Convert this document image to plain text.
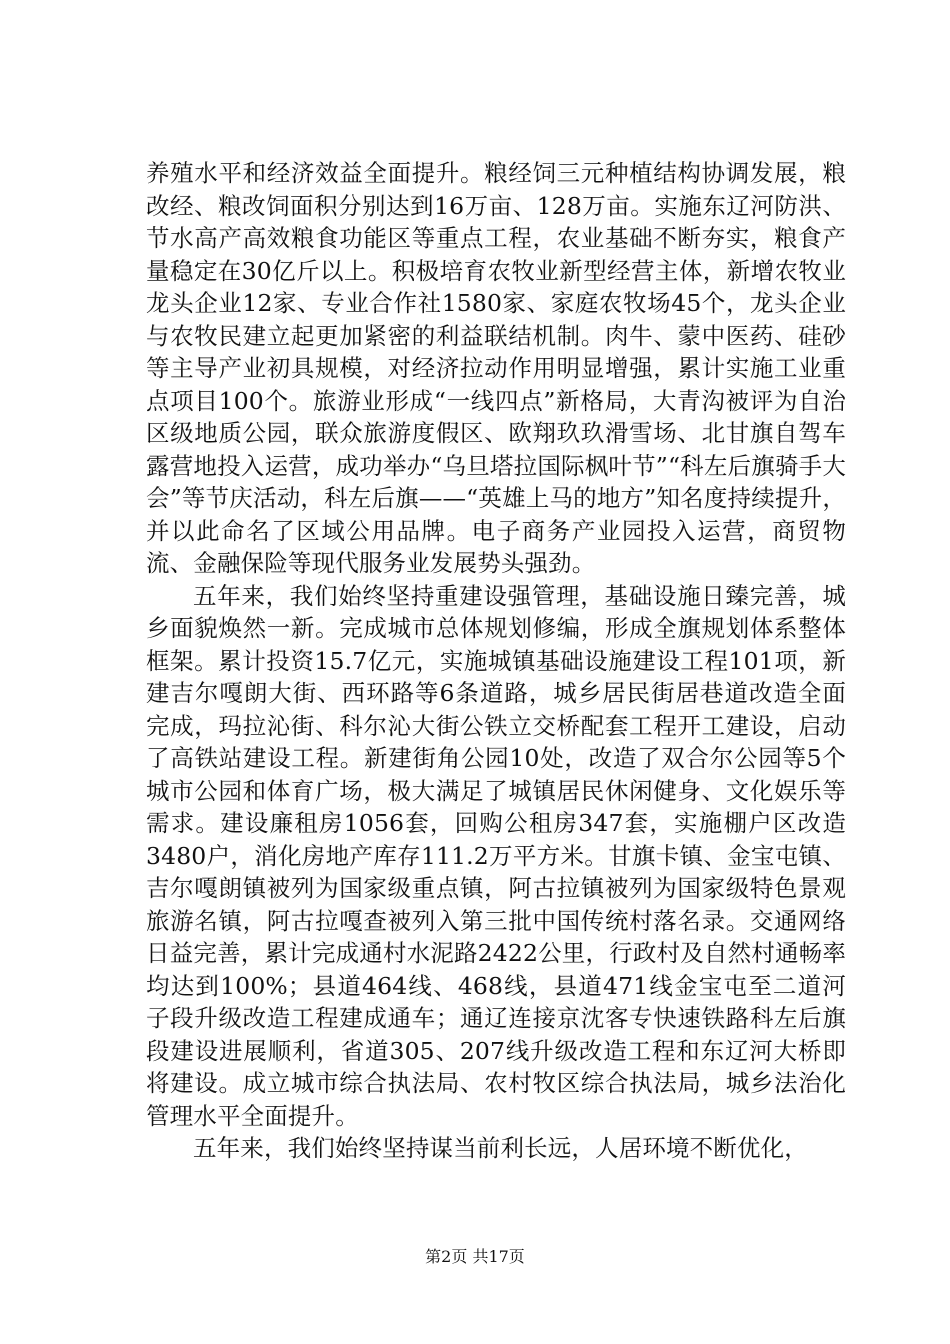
养殖水平和经济效益全面提升。粮经饲三元种植结构协调发展，粮改经、粮改饲面积分别达到16万亩、128万亩。实施东辽河防洪、节水高产高效粮食功能区等重点工程，农业基础不断夯实，粮食产量稳定在30亿斤以上。积极培育农牧业新型经营主体，新增农牧业龙头企业12家、专业合作社1580家、家庭农牧场45个，龙头企业与农牧民建立起更加紧密的利益联结机制。肉牛、蒙中医药、硅砂等主导产业初具规模，对经济拉动作用明显增强，累计实施工业重点项目100个。旅游业形成“一线四点”新格局，大青沟被评为自治区级地质公园，联众旅游度假区、欧翔玖玖滑雪场、北甘旗自驾车露营地投入运营，成功举办“乌旦塔拉国际枫叶节”“科左后旗骑手大会”等节庆活动，科左后旗——“英雄上马的地方”知名度持续提升，并以此命名了区域公用品牌。电子商务产业园投入运营，商贸物流、金融保险等现代服务业发展势头强劲。

五年来，我们始终坚持重建设强管理，基础设施日臻完善，城乡面貌焕然一新。完成城市总体规划修编，形成全旗规划体系整体框架。累计投资15.7亿元，实施城镇基础设施建设工程101项，新建吉尔嘎朗大街、西环路等6条道路，城乡居民街居巷道改造全面完成，玛拉沁街、科尔沁大街公铁立交桥配套工程开工建设，启动了高铁站建设工程。新建街角公园10处，改造了双合尔公园等5个城市公园和体育广场，极大满足了城镇居民休闲健身、文化娱乐等需求。建设廉租房1056套，回购公租房347套，实施棚户区改造3480户，消化房地产库存111.2万平方米。甘旗卡镇、金宝屯镇、吉尔嘎朗镇被列为国家级重点镇，阿古拉镇被列为国家级特色景观旅游名镇，阿古拉嘎查被列入第三批中国传统村落名录。交通网络日益完善，累计完成通村水泥路2422公里，行政村及自然村通畅率均达到100%；县道464线、468线，县道471线金宝屯至二道河子段升级改造工程建成通车；通辽连接京沈客专快速铁路科左后旗段建设进展顺利，省道305、207线升级改造工程和东辽河大桥即将建设。成立城市综合执法局、农村牧区综合执法局，城乡法治化管理水平全面提升。

五年来，我们始终坚持谋当前利长远，人居环境不断优化，

第2页 共17页
